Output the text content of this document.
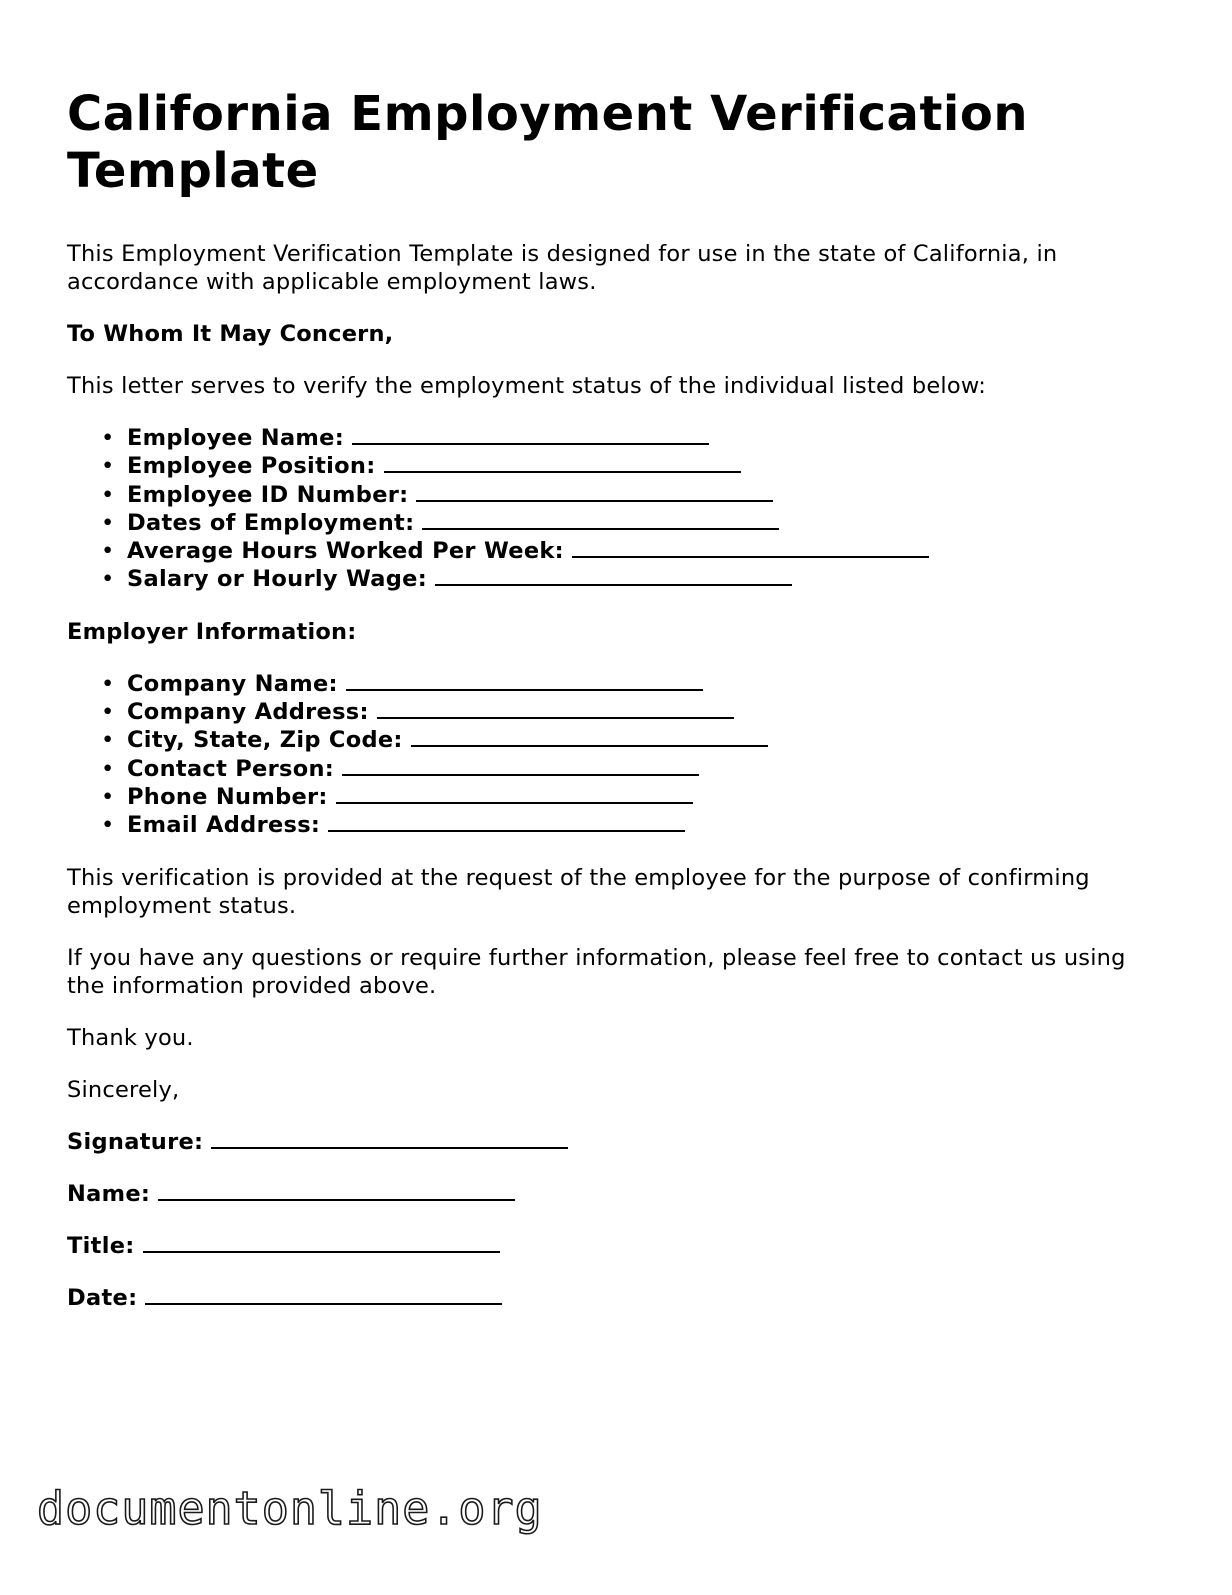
California Employment Verification Template

This Employment Verification Template is designed for use in the state of California, in accordance with applicable employment laws.

To Whom It May Concern,

This letter serves to verify the employment status of the individual listed below:

• Employee Name:
• Employee Position:
• Employee ID Number:
• Dates of Employment:
• Average Hours Worked Per Week:
• Salary or Hourly Wage:

Employer Information:

• Company Name:
• Company Address:
• City, State, Zip Code:
• Contact Person:
• Phone Number:
• Email Address:

This verification is provided at the request of the employee for the purpose of confirming employment status.

If you have any questions or require further information, please feel free to contact us using the information provided above.

Thank you.

Sincerely,

Signature:
Name:
Title:
Date:
documentonline.org
